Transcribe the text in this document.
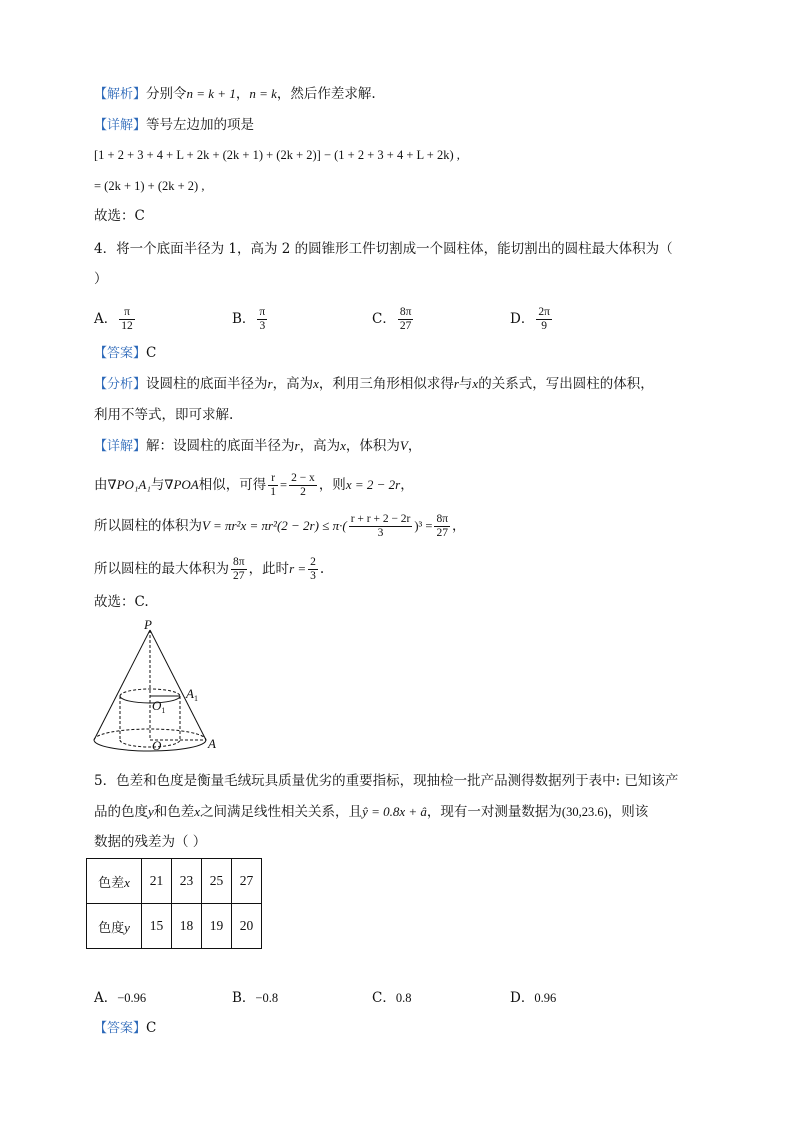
【解析】分别令n = k + 1，n = k，然后作差求解.
【详解】等号左边加的项是
[1 + 2 + 3 + 4 + L + 2k + (2k + 1) + (2k + 2)] − (1 + 2 + 3 + 4 + L + 2k) ,
= (2k + 1) + (2k + 2) ,
故选：C
4．将一个底面半径为 1，高为 2 的圆锥形工件切割成一个圆柱体，能切割出的圆柱最大体积为（
）
A． $\frac{\pi}{12}$	B． $\frac{\pi}{3}$	C． $\frac{8\pi}{27}$	D． $\frac{2\pi}{9}$
【答案】C
【分析】设圆柱的底面半径为r，高为x，利用三角形相似求得r与x的关系式，写出圆柱的体积，
利用不等式，即可求解.
【详解】解：设圆柱的底面半径为r，高为x，体积为V，
由∇PO₁A₁与∇POA相似，可得 $\frac{r}{1} = \frac{2 - x}{2}$ ，则x = 2 − 2r，
所以圆柱的体积为$V = \pi r^2x = \pi r^2(2 - 2r) \le \pi\cdot( \frac{r + r + 2 - 2r}{3} )^3 = \frac{8\pi}{27}$ ，
所以圆柱的最大体积为 $\frac{8\pi}{27}$ ，此时$r = \frac{2}{3}$ .
故选：C.
P
$O_1$
$A_1$
O	A
5．色差和色度是衡量毛绒玩具质量优劣的重要指标，现抽检一批产品测得数据列于表中: 已知该产
品的色度y和色差x之间满足线性相关关系，且ŷ = 0.8x + â，现有一对测量数据为(30,23.6)，则该
数据的残差为（ ）
色差x	21	23	25	27
色度y	15	18	19	20
A．−0.96	B．−0.8	C．0.8	D．0.96
【答案】C
